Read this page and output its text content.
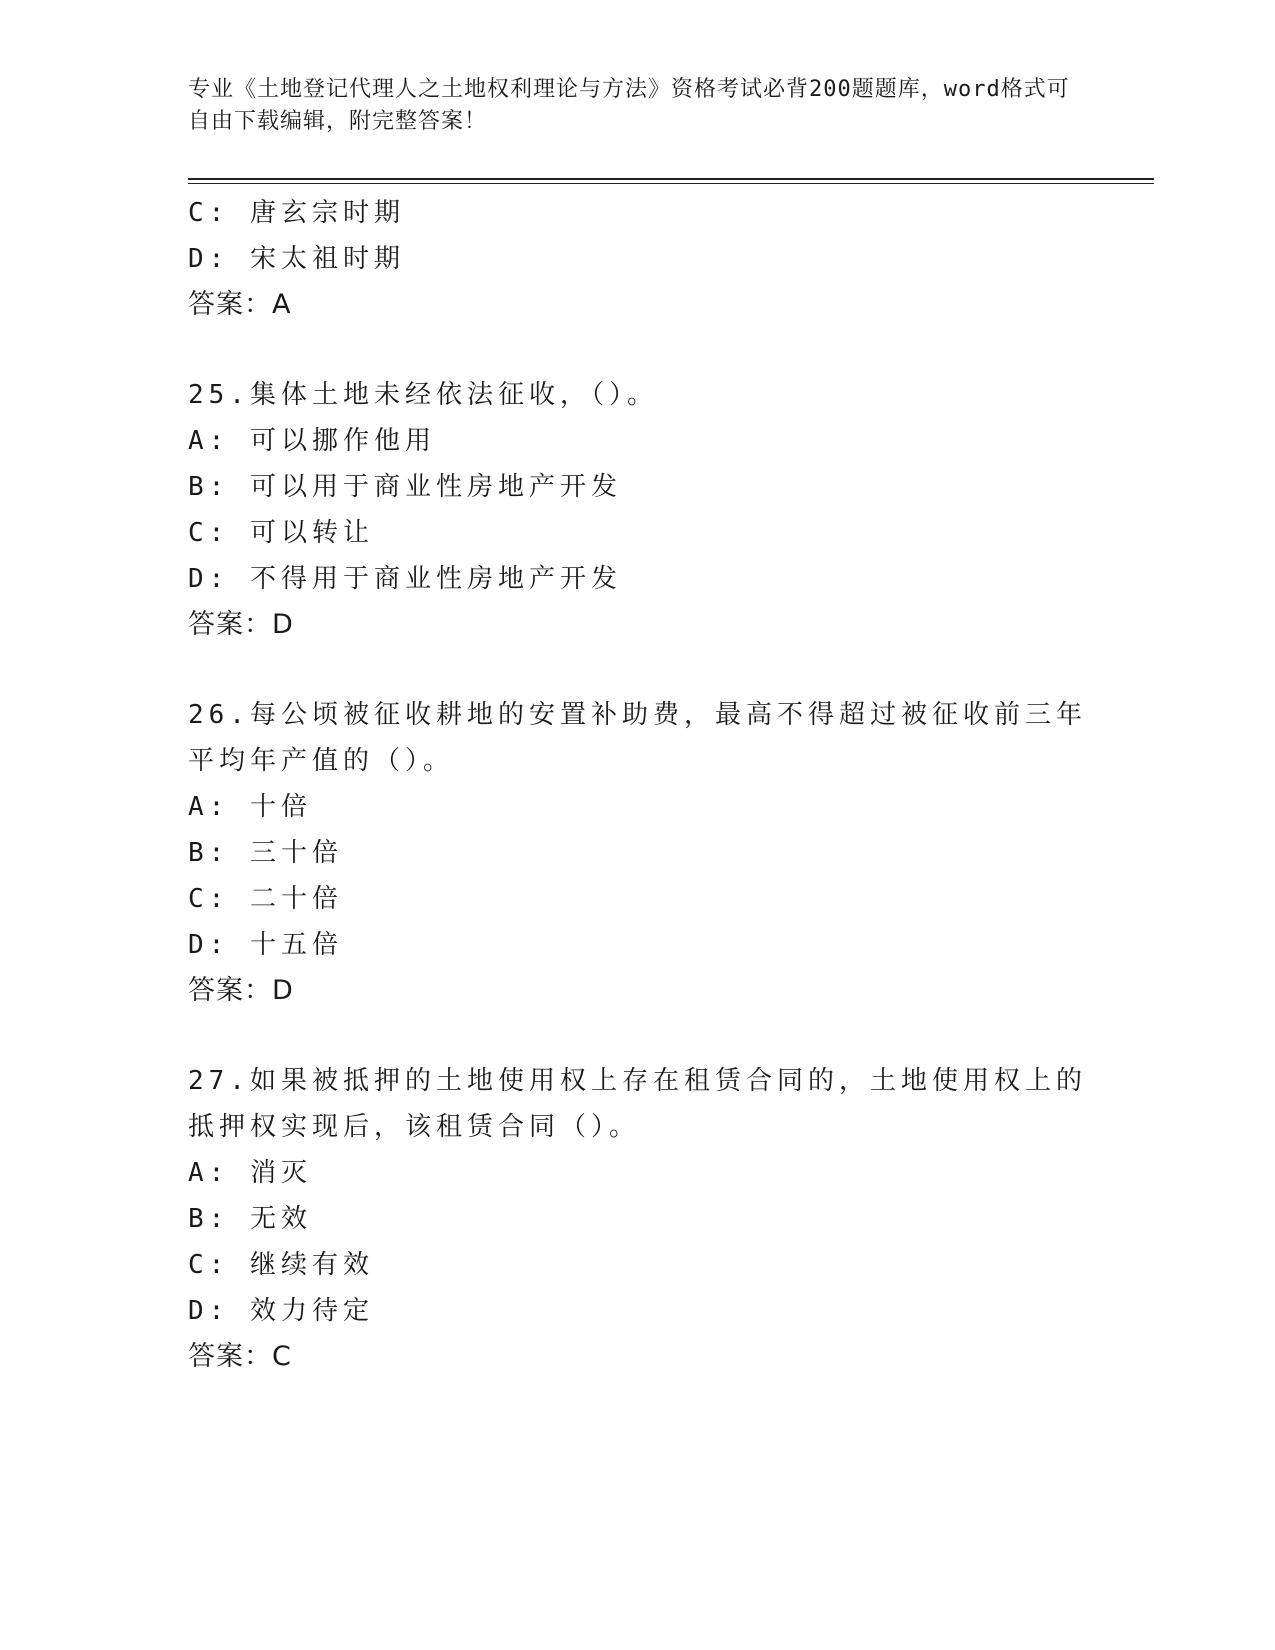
专业《土地登记代理人之土地权利理论与方法》资格考试必背200题题库，word格式可自由下载编辑，附完整答案！
C: 唐玄宗时期
D: 宋太祖时期
答案：A
25.集体土地未经依法征收，（）。
A: 可以挪作他用
B: 可以用于商业性房地产开发
C: 可以转让
D: 不得用于商业性房地产开发
答案：D
26.每公顷被征收耕地的安置补助费，最高不得超过被征收前三年平均年产值的（）。
A: 十倍
B: 三十倍
C: 二十倍
D: 十五倍
答案：D
27.如果被抵押的土地使用权上存在租赁合同的，土地使用权上的抵押权实现后，该租赁合同（）。
A: 消灭
B: 无效
C: 继续有效
D: 效力待定
答案：C
